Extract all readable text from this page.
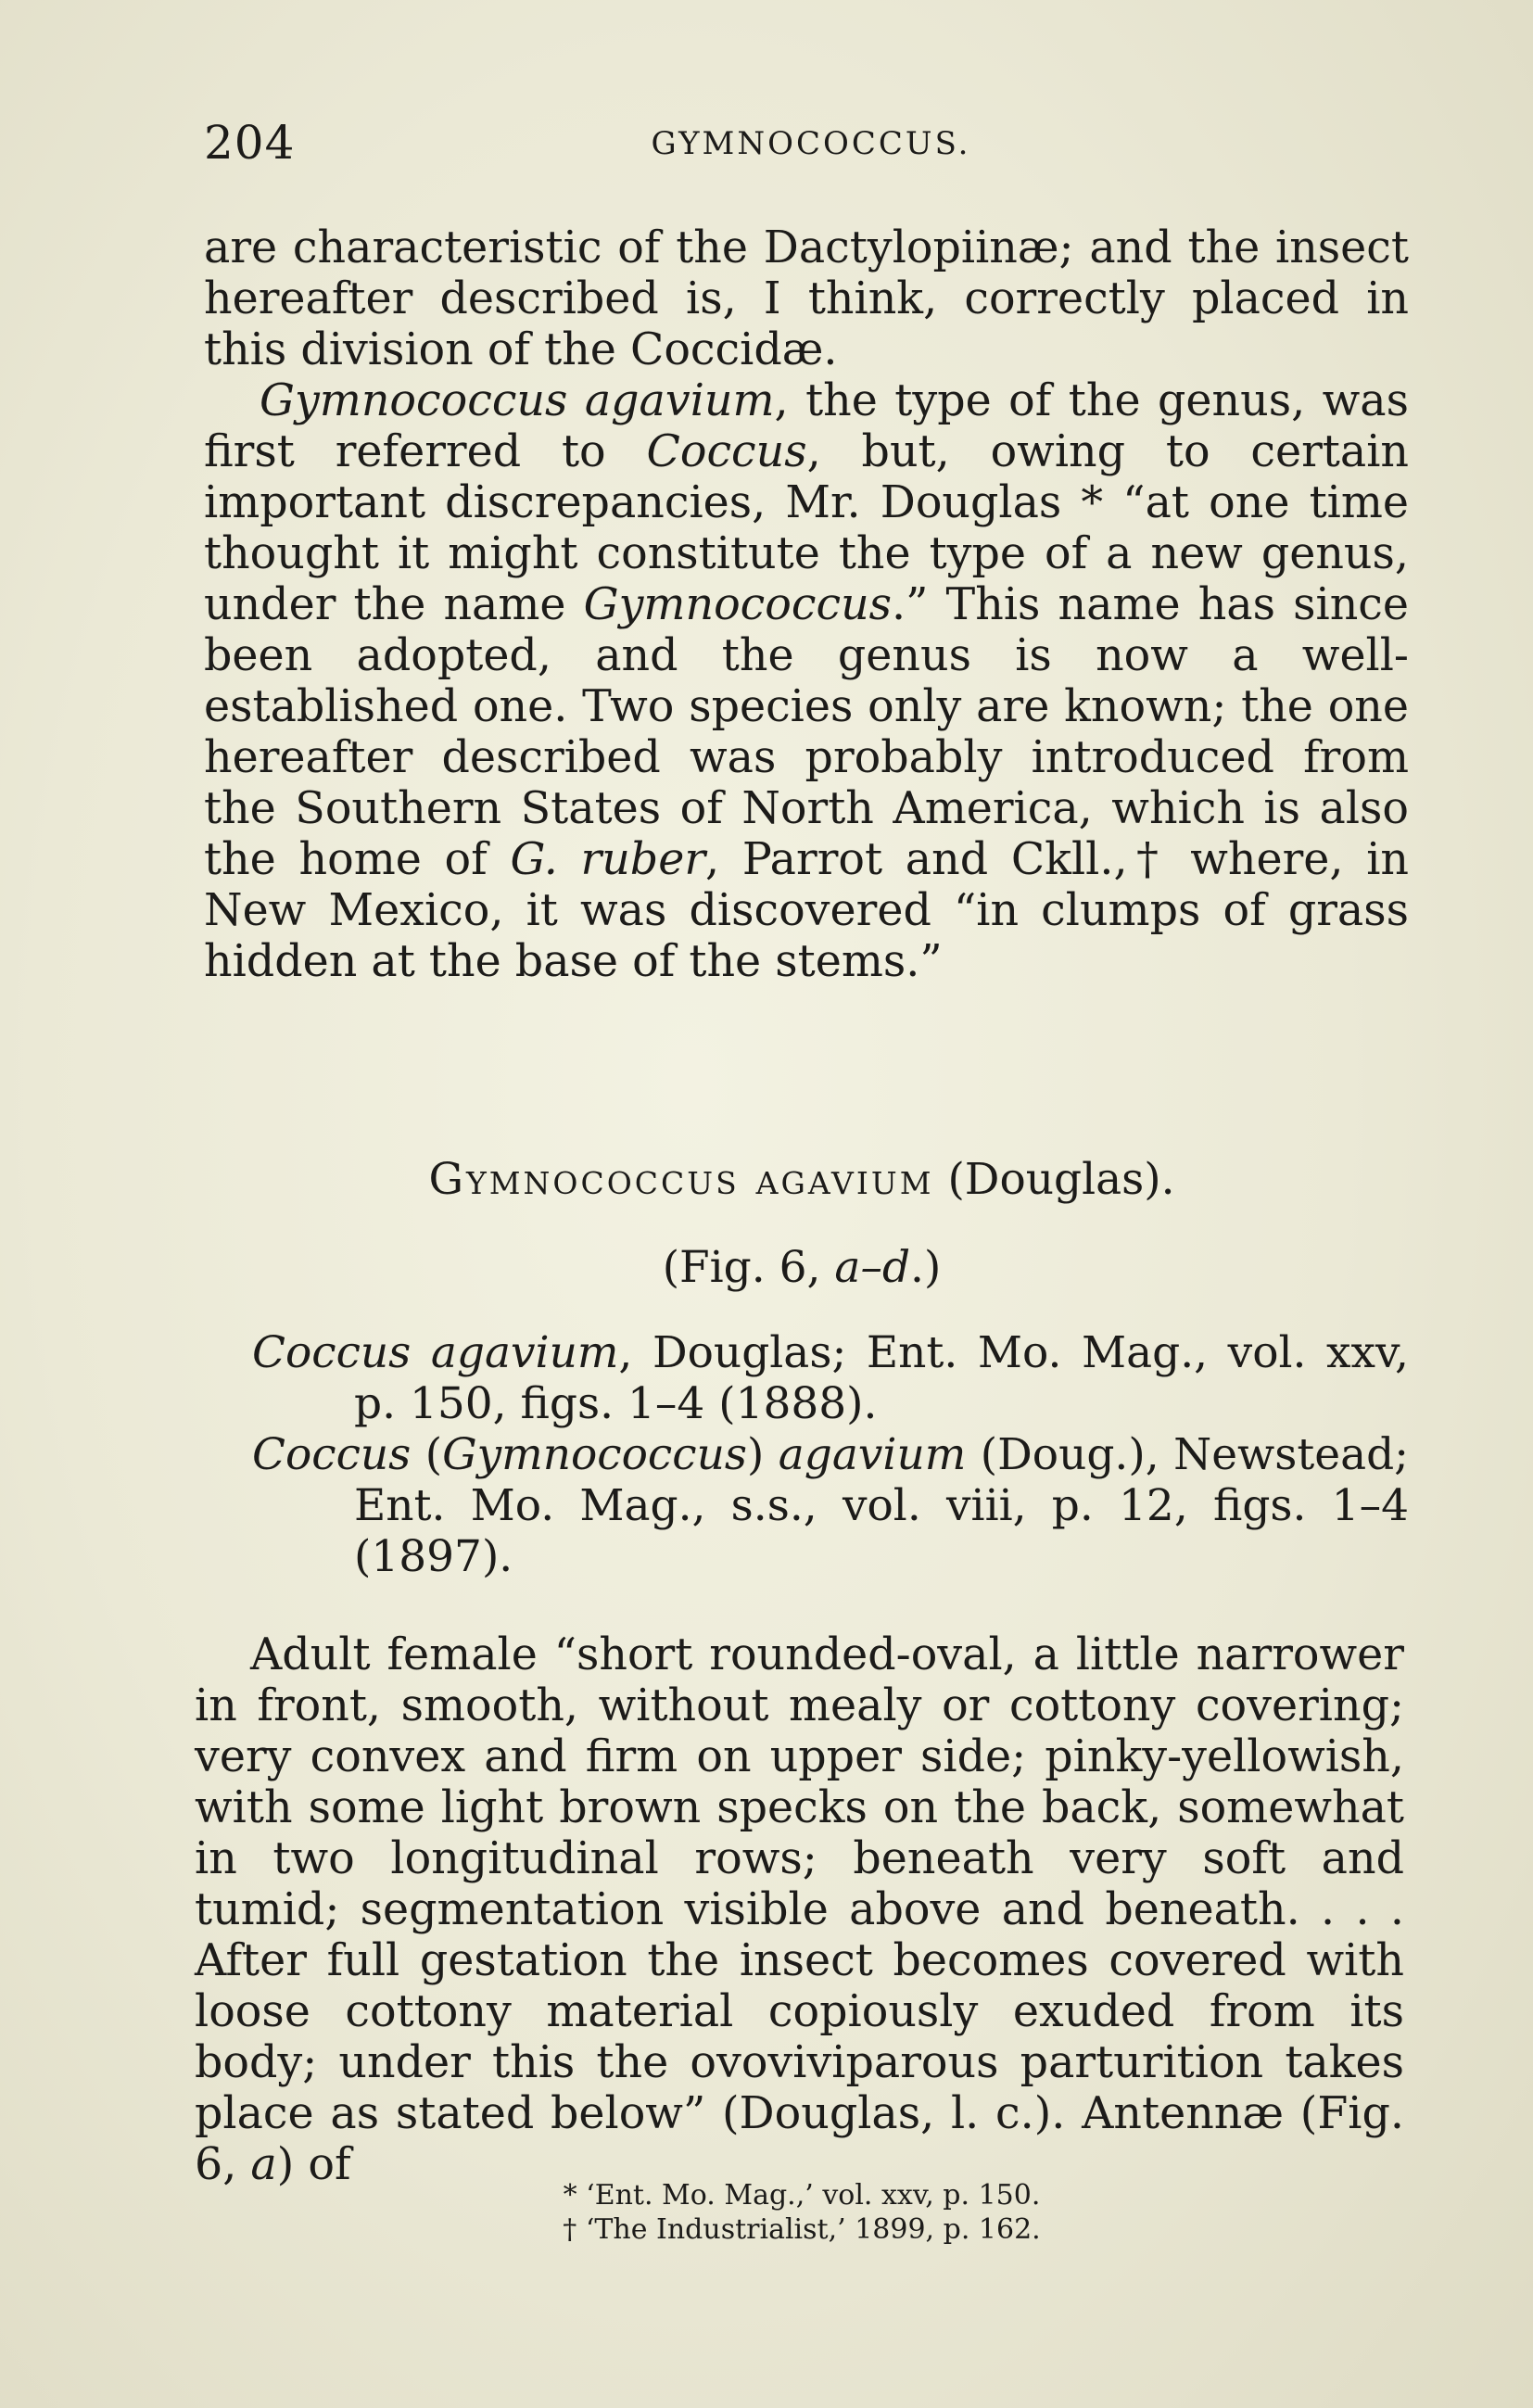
204	GYMNOCOCCUS.

are characteristic of the Dactylopiinæ; and the insect hereafter described is, I think, correctly placed in this division of the Coccidæ.

Gymnococcus agavium, the type of the genus, was first referred to Coccus, but, owing to certain important discrepancies, Mr. Douglas * “at one time thought it might constitute the type of a new genus, under the name Gymnococcus.” This name has since been adopted, and the genus is now a well-established one. Two species only are known; the one hereafter described was probably introduced from the Southern States of North America, which is also the home of G. ruber, Parrot and Ckll.,† where, in New Mexico, it was discovered “in clumps of grass hidden at the base of the stems.”

Gymnococcus agavium (Douglas).
(Fig. 6, a–d.)

Coccus agavium, Douglas; Ent. Mo. Mag., vol. xxv, p. 150, figs. 1–4 (1888).

Coccus (Gymnococcus) agavium (Doug.), Newstead; Ent. Mo. Mag., s.s., vol. viii, p. 12, figs. 1–4 (1897).

Adult female “short rounded-oval, a little narrower in front, smooth, without mealy or cottony covering; very convex and firm on upper side; pinky-yellowish, with some light brown specks on the back, somewhat in two longitudinal rows; beneath very soft and tumid; segmentation visible above and beneath. . . . After full gestation the insect becomes covered with loose cottony material copiously exuded from its body; under this the ovoviviparous parturition takes place as stated below” (Douglas, l. c.). Antennæ (Fig. 6, a) of

* ‘Ent. Mo. Mag.,’ vol. xxv, p. 150.
† ‘The Industrialist,’ 1899, p. 162.
